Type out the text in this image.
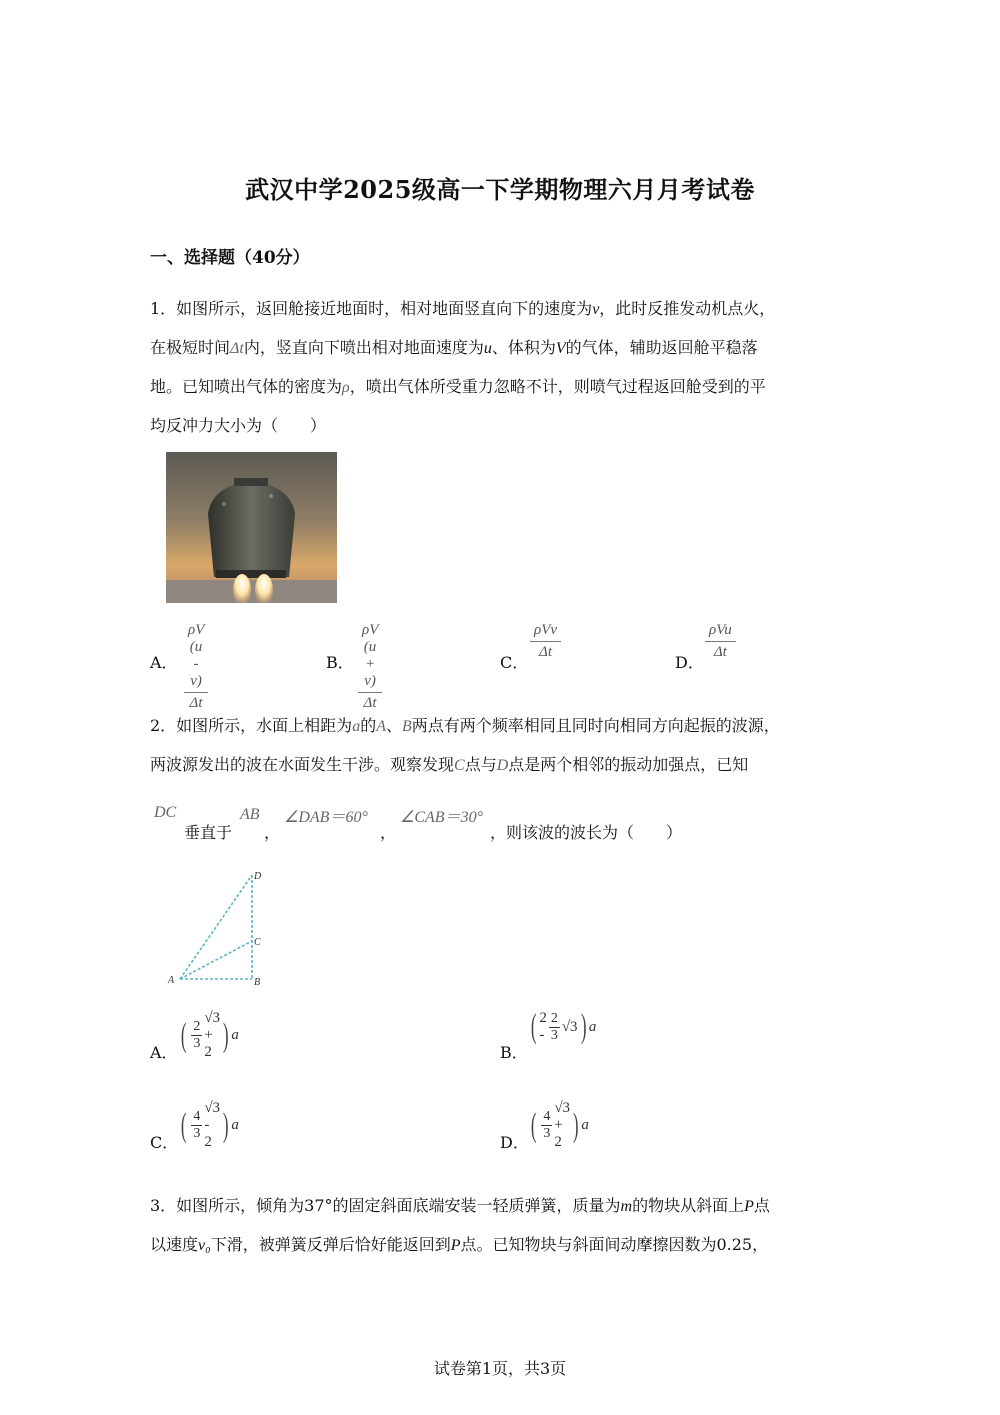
武汉中学2025级高一下学期物理六月月考试卷
一、选择题（40分）
1．如图所示，返回舱接近地面时，相对地面竖直向下的速度为v，此时反推发动机点火，
在极短时间Δt内，竖直向下喷出相对地面速度为u、体积为V的气体，辅助返回舱平稳落
地。已知喷出气体的密度为ρ，喷出气体所受重力忽略不计，则喷气过程返回舱受到的平
均反冲力大小为（　　）
A． $\frac{\rho V (u - v)}{\Delta t}$	B． $\frac{\rho V (u + v)}{\Delta t}$	C．
ρVv
Δt
D．
ρVu
Δt
2．如图所示，水面上相距为a的A、B两点有两个频率相同且同时向相同方向起振的波源，
两波源发出的波在水面发生干涉。观察发现C点与D点是两个相邻的振动加强点，已知
DC
垂直于
AB
，
∠DAB＝60°
，
∠CAB＝30°
，则该波的波长为（　　）
D
C
A	B
A． ( 2
3
√3 + 2 ) a
B．
( 2 -
2
3
√3 ) a
C． ( 4
3
√3 - 2 ) a
D． ( 4
3
√3 + 2 ) a
3．如图所示，倾角为37°的固定斜面底端安装一轻质弹簧，质量为m的物块从斜面上P点
以速度v₀下滑，被弹簧反弹后恰好能返回到P点。已知物块与斜面间动摩擦因数为0.25，
试卷第1页，共3页
